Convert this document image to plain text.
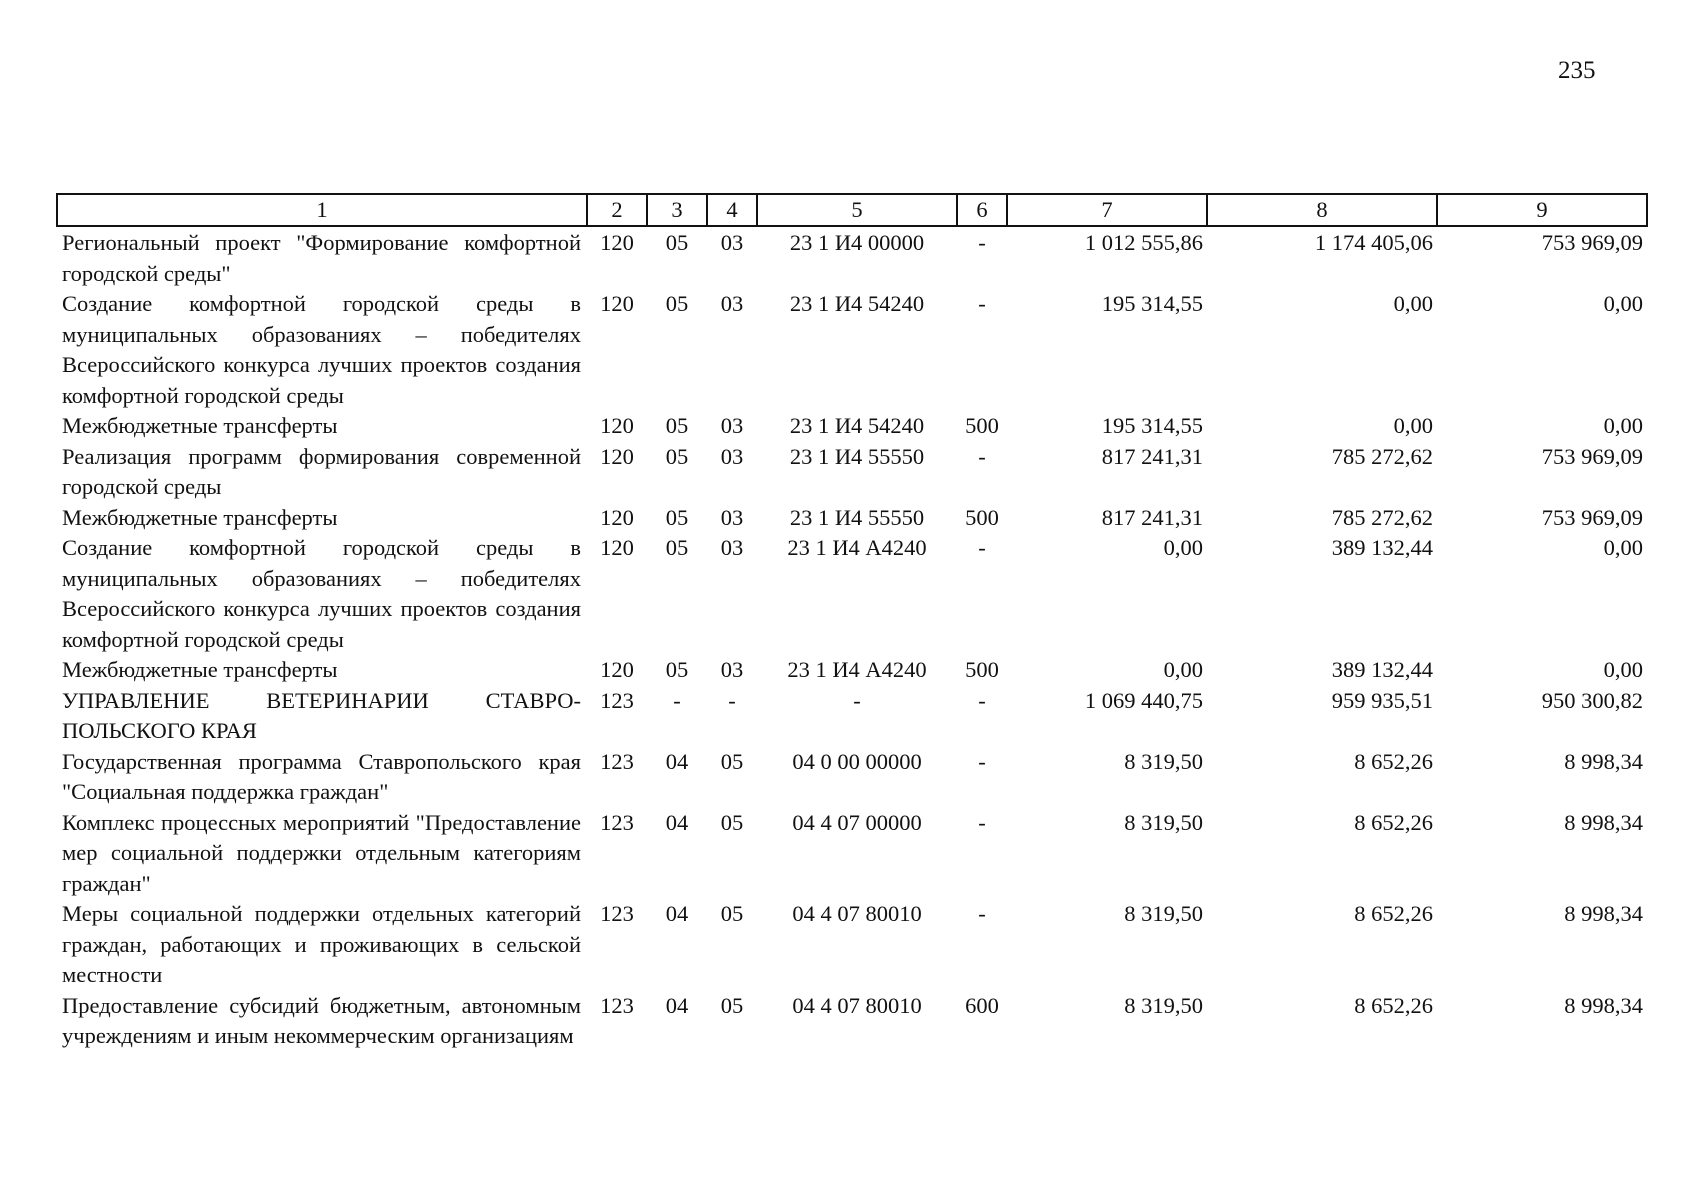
235
1	2	3	4	5	6	7	8	9
Региональный проект "Формирование комфортной городской среды"	120	05	03	23 1 И4 00000	-	1 012 555,86	1 174 405,06	753 969,09
Создание комфортной городской среды в муниципальных образованиях – победителях Всероссийского конкурса лучших проектов создания комфортной городской среды	120	05	03	23 1 И4 54240	-	195 314,55	0,00	0,00
Межбюджетные трансферты	120	05	03	23 1 И4 54240	500	195 314,55	0,00	0,00
Реализация программ формирования современной городской среды	120	05	03	23 1 И4 55550	-	817 241,31	785 272,62	753 969,09
Межбюджетные трансферты	120	05	03	23 1 И4 55550	500	817 241,31	785 272,62	753 969,09
Создание комфортной городской среды в муниципальных образованиях – победителях Всероссийского конкурса лучших проектов создания комфортной городской среды	120	05	03	23 1 И4 А4240	-	0,00	389 132,44	0,00
Межбюджетные трансферты	120	05	03	23 1 И4 А4240	500	0,00	389 132,44	0,00
УПРАВЛЕНИЕ ВЕТЕРИНАРИИ СТАВРО-ПОЛЬСКОГО КРАЯ	123	-	-	-	-	1 069 440,75	959 935,51	950 300,82
Государственная программа Ставропольского края "Социальная поддержка граждан"	123	04	05	04 0 00 00000	-	8 319,50	8 652,26	8 998,34
Комплекс процессных мероприятий "Предоставление мер социальной поддержки отдельным категориям граждан"	123	04	05	04 4 07 00000	-	8 319,50	8 652,26	8 998,34
Меры социальной поддержки отдельных категорий граждан, работающих и проживающих в сельской местности	123	04	05	04 4 07 80010	-	8 319,50	8 652,26	8 998,34
Предоставление субсидий бюджетным, автономным учреждениям и иным некоммерческим организациям	123	04	05	04 4 07 80010	600	8 319,50	8 652,26	8 998,34
